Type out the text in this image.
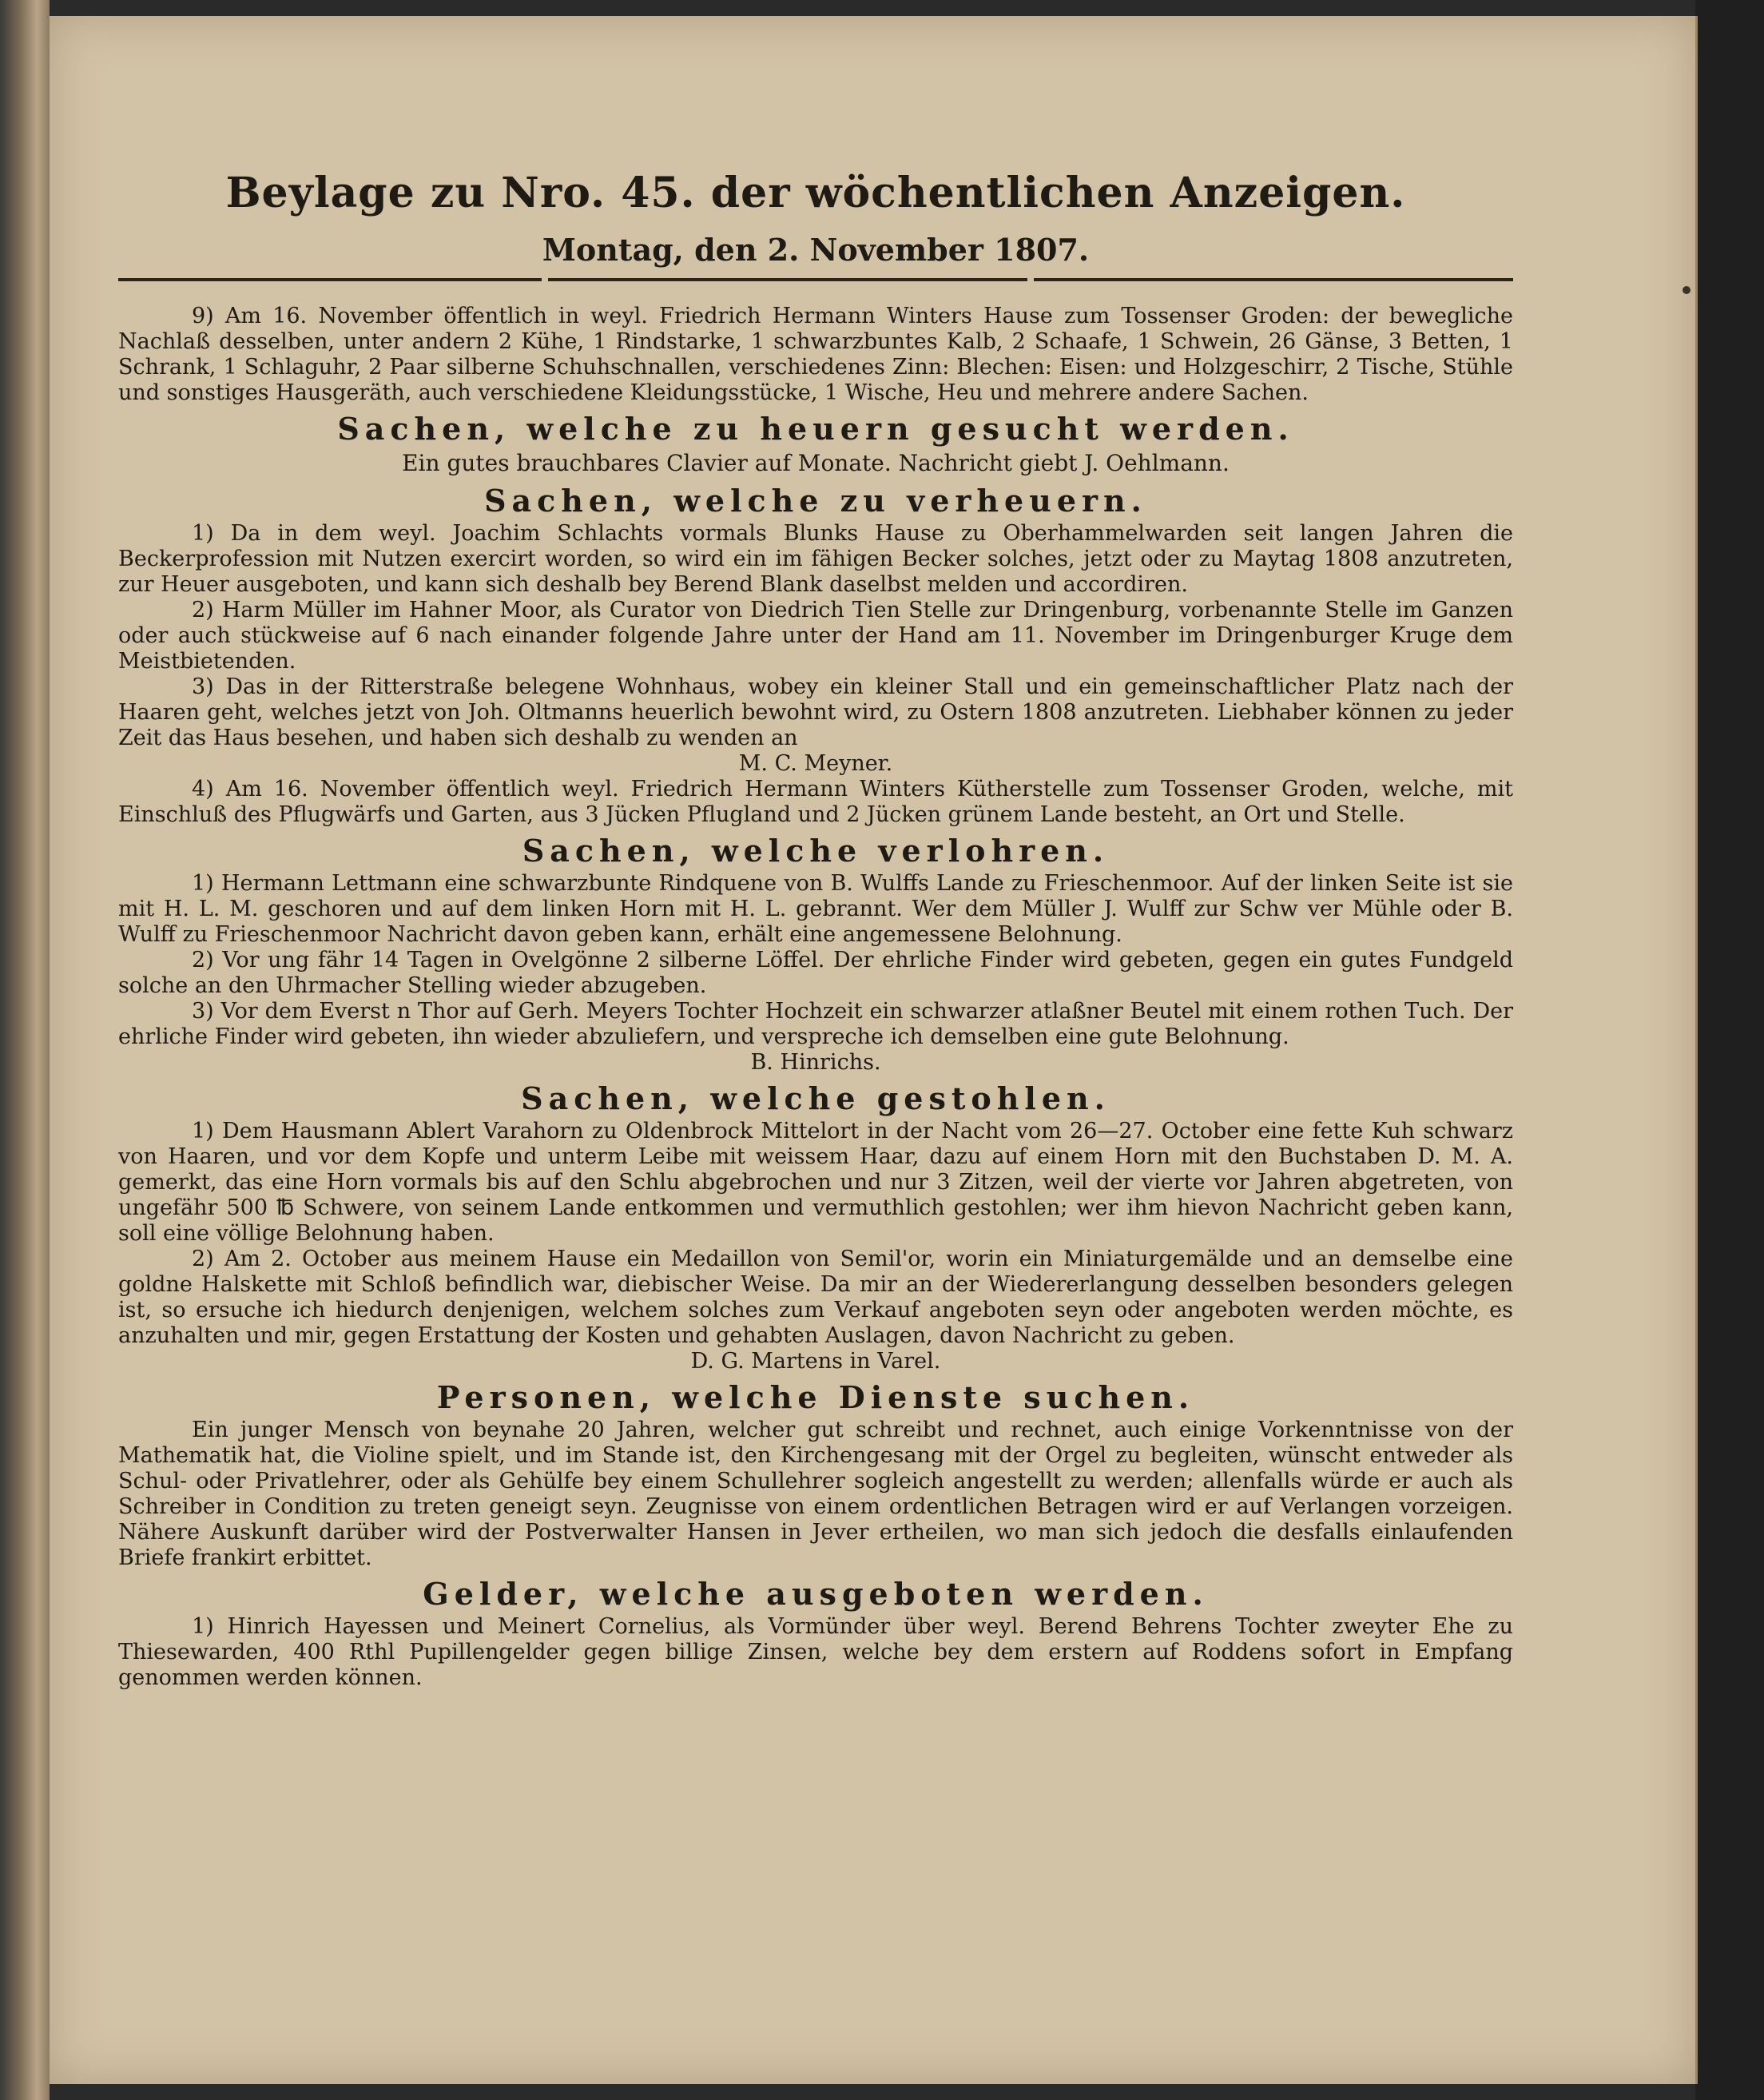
Beylage zu Nro. 45. der wöchentlichen Anzeigen.
Montag, den 2. November 1807.

9) Am 16. November öffentlich in weyl. Friedrich Hermann Winters Hause zum Tossenser Groden: der bewegliche Nachlaß desselben, unter andern 2 Kühe, 1 Rindstarke, 1 schwarzbuntes Kalb, 2 Schaafe, 1 Schwein, 26 Gänse, 3 Betten, 1 Schrank, 1 Schlaguhr, 2 Paar silberne Schuhschnallen, verschiedenes Zinn: Blechen: Eisen: und Holzgeschirr, 2 Tische, Stühle und sonstiges Hausgeräth, auch verschiedene Kleidungsstücke, 1 Wische, Heu und mehrere andere Sachen.

Sachen, welche zu heuern gesucht werden.

Ein gutes brauchbares Clavier auf Monate. Nachricht giebt J. Oehlmann.

Sachen, welche zu verheuern.

1) Da in dem weyl. Joachim Schlachts vormals Blunks Hause zu Oberhammelwarden seit langen Jahren die Beckerprofession mit Nutzen exercirt worden, so wird ein im fähigen Becker solches, jetzt oder zu Maytag 1808 anzutreten, zur Heuer ausgeboten, und kann sich deshalb bey Berend Blank daselbst melden und accordiren.

2) Harm Müller im Hahner Moor, als Curator von Diedrich Tien Stelle zur Dringenburg, vorbenannte Stelle im Ganzen oder auch stückweise auf 6 nach einander folgende Jahre unter der Hand am 11. November im Dringenburger Kruge dem Meistbietenden.

3) Das in der Ritterstraße belegene Wohnhaus, wobey ein kleiner Stall und ein gemeinschaftlicher Platz nach der Haaren geht, welches jetzt von Joh. Oltmanns heuerlich bewohnt wird, zu Ostern 1808 anzutreten. Liebhaber können zu jeder Zeit das Haus besehen, und haben sich deshalb zu wenden an

M. C. Meyner.

4) Am 16. November öffentlich weyl. Friedrich Hermann Winters Kütherstelle zum Tossenser Groden, welche, mit Einschluß des Pflugwärfs und Garten, aus 3 Jücken Pflugland und 2 Jücken grünem Lande besteht, an Ort und Stelle.

Sachen, welche verlohren.

1) Hermann Lettmann eine schwarzbunte Rindquene von B. Wulffs Lande zu Frieschenmoor. Auf der linken Seite ist sie mit H. L. M. geschoren und auf dem linken Horn mit H. L. gebrannt. Wer dem Müller J. Wulff zur Schw ver Mühle oder B. Wulff zu Frieschenmoor Nachricht davon geben kann, erhält eine angemessene Belohnung.

2) Vor ung fähr 14 Tagen in Ovelgönne 2 silberne Löffel. Der ehrliche Finder wird gebeten, gegen ein gutes Fundgeld solche an den Uhrmacher Stelling wieder abzugeben.

3) Vor dem Everst n Thor auf Gerh. Meyers Tochter Hochzeit ein schwarzer atlaßner Beutel mit einem rothen Tuch. Der ehrliche Finder wird gebeten, ihn wieder abzuliefern, und verspreche ich demselben eine gute Belohnung.

B. Hinrichs.

Sachen, welche gestohlen.

1) Dem Hausmann Ablert Varahorn zu Oldenbrock Mittelort in der Nacht vom 26—27. October eine fette Kuh schwarz von Haaren, und vor dem Kopfe und unterm Leibe mit weissem Haar, dazu auf einem Horn mit den Buchstaben D. M. A. gemerkt, das eine Horn vormals bis auf den Schlu abgebrochen und nur 3 Zitzen, weil der vierte vor Jahren abgetreten, von ungefähr 500 ℔ Schwere, von seinem Lande entkommen und vermuthlich gestohlen; wer ihm hievon Nachricht geben kann, soll eine völlige Belohnung haben.

2) Am 2. October aus meinem Hause ein Medaillon von Semil'or, worin ein Miniaturgemälde und an demselbe eine goldne Halskette mit Schloß befindlich war, diebischer Weise. Da mir an der Wiedererlangung desselben besonders gelegen ist, so ersuche ich hiedurch denjenigen, welchem solches zum Verkauf angeboten seyn oder angeboten werden möchte, es anzuhalten und mir, gegen Erstattung der Kosten und gehabten Auslagen, davon Nachricht zu geben.

D. G. Martens in Varel.

Personen, welche Dienste suchen.

Ein junger Mensch von beynahe 20 Jahren, welcher gut schreibt und rechnet, auch einige Vorkenntnisse von der Mathematik hat, die Violine spielt, und im Stande ist, den Kirchengesang mit der Orgel zu begleiten, wünscht entweder als Schul- oder Privatlehrer, oder als Gehülfe bey einem Schullehrer sogleich angestellt zu werden; allenfalls würde er auch als Schreiber in Condition zu treten geneigt seyn. Zeugnisse von einem ordentlichen Betragen wird er auf Verlangen vorzeigen. Nähere Auskunft darüber wird der Postverwalter Hansen in Jever ertheilen, wo man sich jedoch die desfalls einlaufenden Briefe frankirt erbittet.

Gelder, welche ausgeboten werden.

1) Hinrich Hayessen und Meinert Cornelius, als Vormünder über weyl. Berend Behrens Tochter zweyter Ehe zu Thiesewarden, 400 Rthl Pupillengelder gegen billige Zinsen, welche bey dem erstern auf Roddens sofort in Empfang genommen werden können.
